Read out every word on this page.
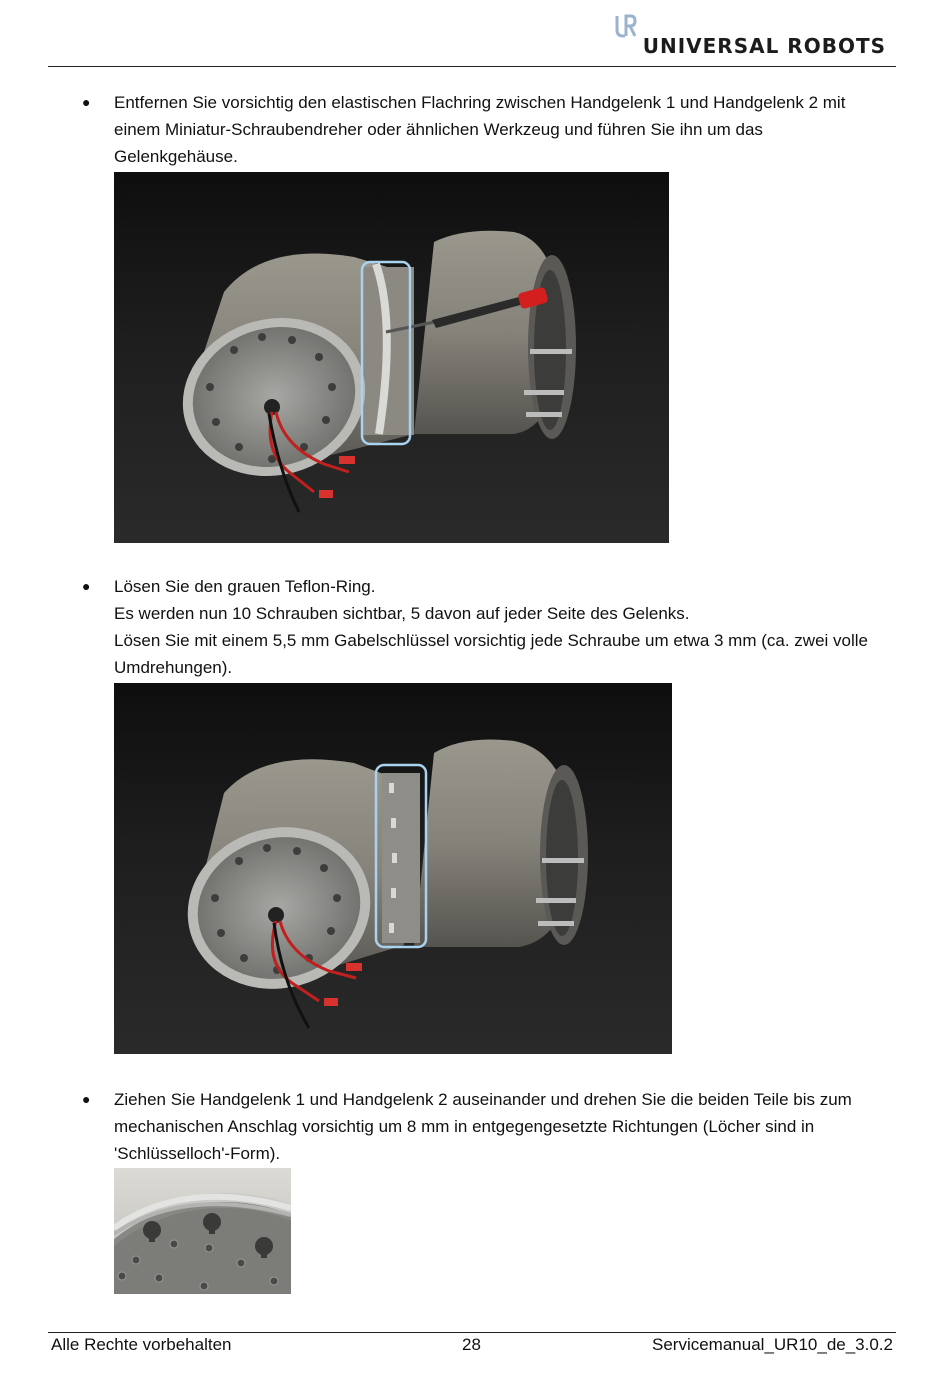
UNIVERSAL ROBOTS
● Entfernen Sie vorsichtig den elastischen Flachring zwischen Handgelenk 1 und Handgelenk 2 mit
einem Miniatur-Schraubendreher oder ähnlichen Werkzeug und führen Sie ihn um das
Gelenkgehäuse.
● Lösen Sie den grauen Teflon-Ring.
Es werden nun 10 Schrauben sichtbar, 5 davon auf jeder Seite des Gelenks.
Lösen Sie mit einem 5,5 mm Gabelschlüssel vorsichtig jede Schraube um etwa 3 mm (ca. zwei volle
Umdrehungen).
● Ziehen Sie Handgelenk 1 und Handgelenk 2 auseinander und drehen Sie die beiden Teile bis zum
mechanischen Anschlag vorsichtig um 8 mm in entgegengesetzte Richtungen (Löcher sind in
'Schlüsselloch'-Form).
Alle Rechte vorbehalten	28	Servicemanual_UR10_de_3.0.2
